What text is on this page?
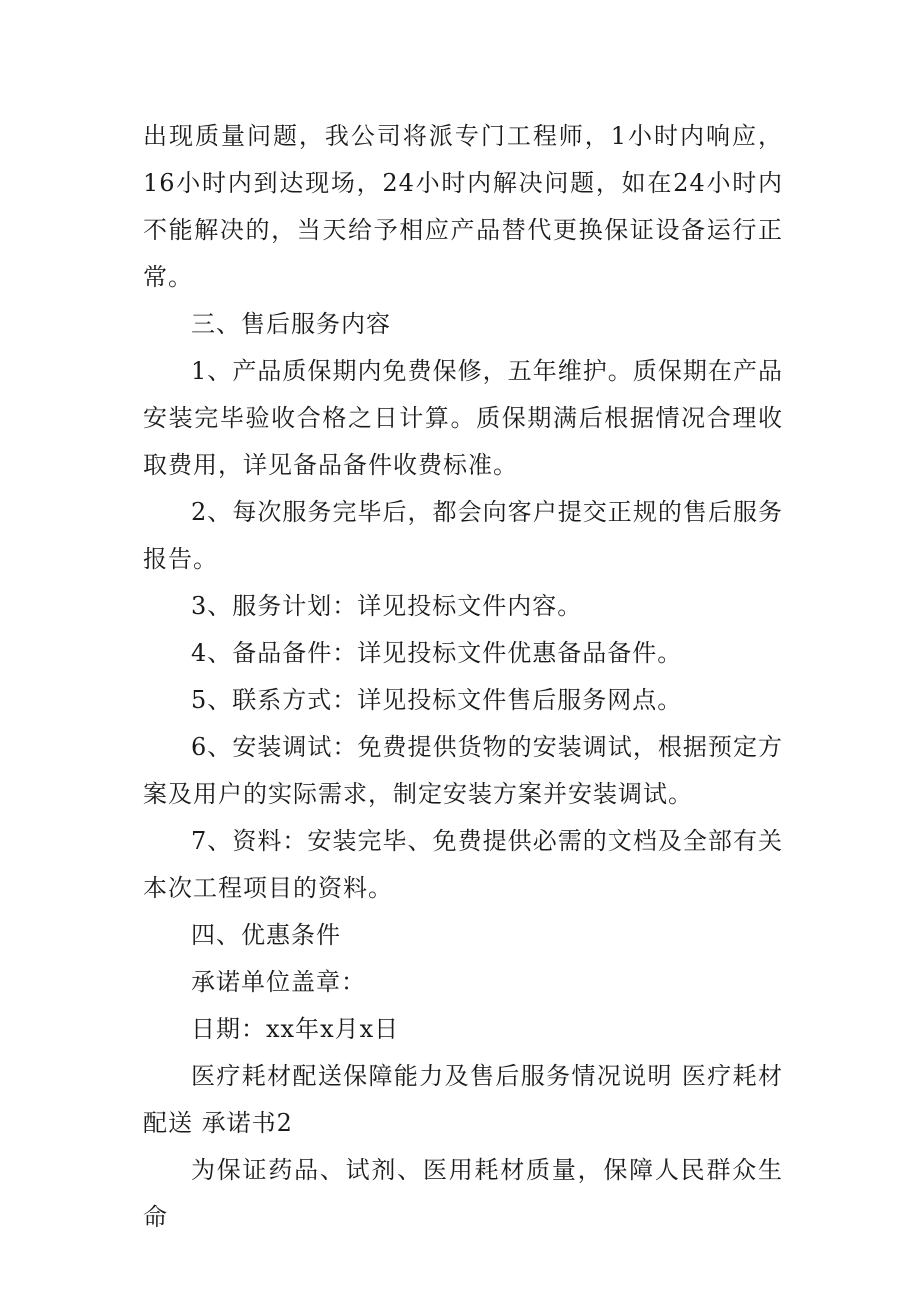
出现质量问题，我公司将派专门工程师，1小时内响应，16小时内到达现场，24小时内解决问题，如在24小时内不能解决的，当天给予相应产品替代更换保证设备运行正常。

三、售后服务内容

1、产品质保期内免费保修，五年维护。质保期在产品安装完毕验收合格之日计算。质保期满后根据情况合理收取费用，详见备品备件收费标准。

2、每次服务完毕后，都会向客户提交正规的售后服务报告。

3、服务计划：详见投标文件内容。

4、备品备件：详见投标文件优惠备品备件。

5、联系方式：详见投标文件售后服务网点。

6、安装调试：免费提供货物的安装调试，根据预定方案及用户的实际需求，制定安装方案并安装调试。

7、资料：安装完毕、免费提供必需的文档及全部有关本次工程项目的资料。

四、优惠条件

承诺单位盖章：

日期：xx年x月x日

医疗耗材配送保障能力及售后服务情况说明 医疗耗材配送 承诺书2

为保证药品、试剂、医用耗材质量，保障人民群众生命
